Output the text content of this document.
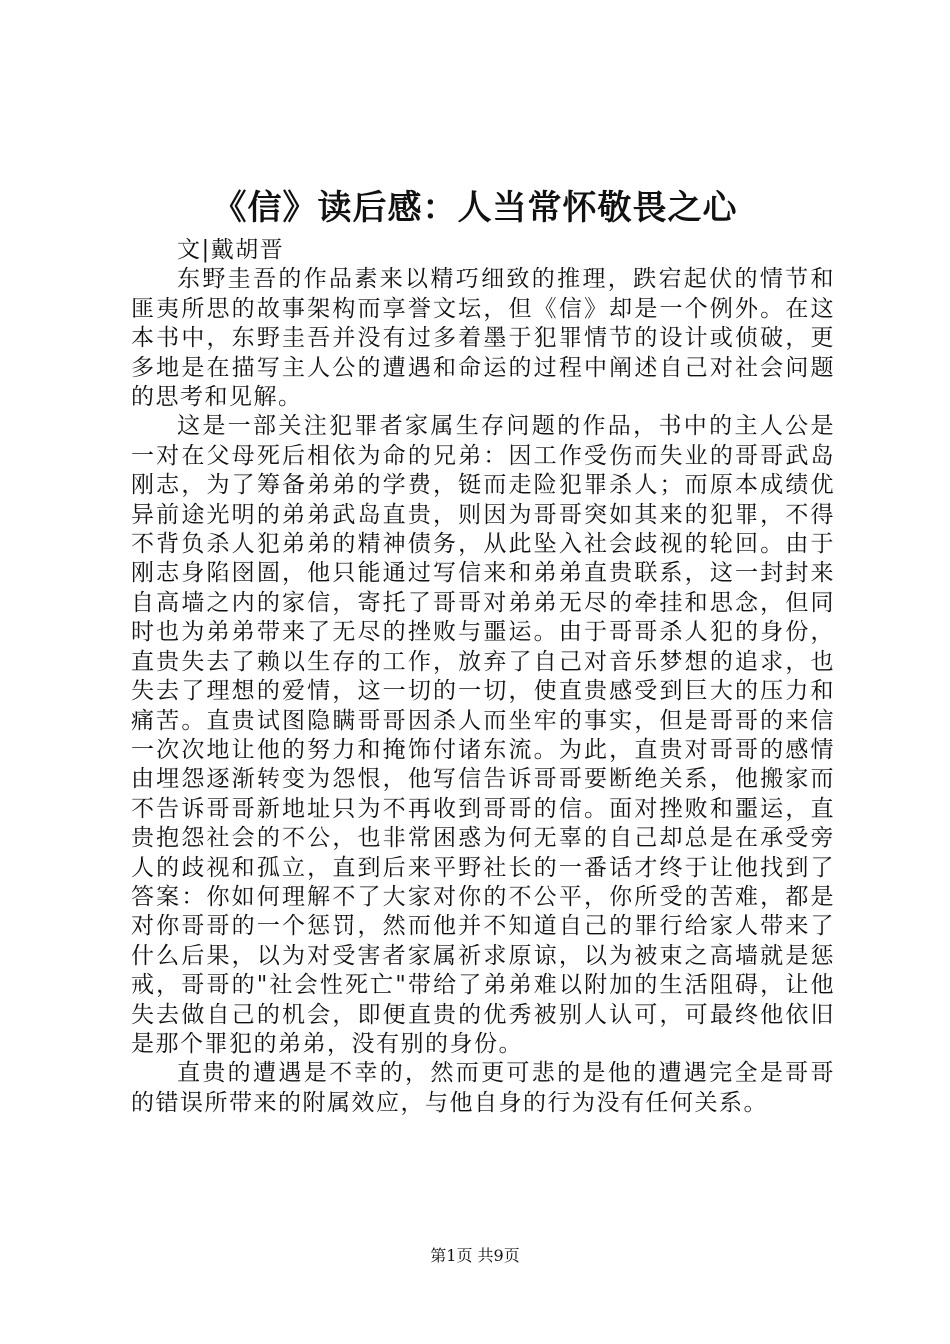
《信》读后感：人当常怀敬畏之心
文|戴胡晋

东野圭吾的作品素来以精巧细致的推理，跌宕起伏的情节和匪夷所思的故事架构而享誉文坛，但《信》却是一个例外。在这本书中，东野圭吾并没有过多着墨于犯罪情节的设计或侦破，更多地是在描写主人公的遭遇和命运的过程中阐述自己对社会问题的思考和见解。

这是一部关注犯罪者家属生存问题的作品，书中的主人公是一对在父母死后相依为命的兄弟：因工作受伤而失业的哥哥武岛刚志，为了筹备弟弟的学费，铤而走险犯罪杀人；而原本成绩优异前途光明的弟弟武岛直贵，则因为哥哥突如其来的犯罪，不得不背负杀人犯弟弟的精神债务，从此坠入社会歧视的轮回。由于刚志身陷囹圄，他只能通过写信来和弟弟直贵联系，这一封封来自高墙之内的家信，寄托了哥哥对弟弟无尽的牵挂和思念，但同时也为弟弟带来了无尽的挫败与噩运。由于哥哥杀人犯的身份，直贵失去了赖以生存的工作，放弃了自己对音乐梦想的追求，也失去了理想的爱情，这一切的一切，使直贵感受到巨大的压力和痛苦。直贵试图隐瞒哥哥因杀人而坐牢的事实，但是哥哥的来信一次次地让他的努力和掩饰付诸东流。为此，直贵对哥哥的感情由埋怨逐渐转变为怨恨，他写信告诉哥哥要断绝关系，他搬家而不告诉哥哥新地址只为不再收到哥哥的信。面对挫败和噩运，直贵抱怨社会的不公，也非常困惑为何无辜的自己却总是在承受旁人的歧视和孤立，直到后来平野社长的一番话才终于让他找到了答案：你如何理解不了大家对你的不公平，你所受的苦难，都是对你哥哥的一个惩罚，然而他并不知道自己的罪行给家人带来了什么后果，以为对受害者家属祈求原谅，以为被束之高墙就是惩戒，哥哥的"社会性死亡"带给了弟弟难以附加的生活阻碍，让他失去做自己的机会，即便直贵的优秀被别人认可，可最终他依旧是那个罪犯的弟弟，没有别的身份。

直贵的遭遇是不幸的，然而更可悲的是他的遭遇完全是哥哥的错误所带来的附属效应，与他自身的行为没有任何关系。

第1页 共9页
